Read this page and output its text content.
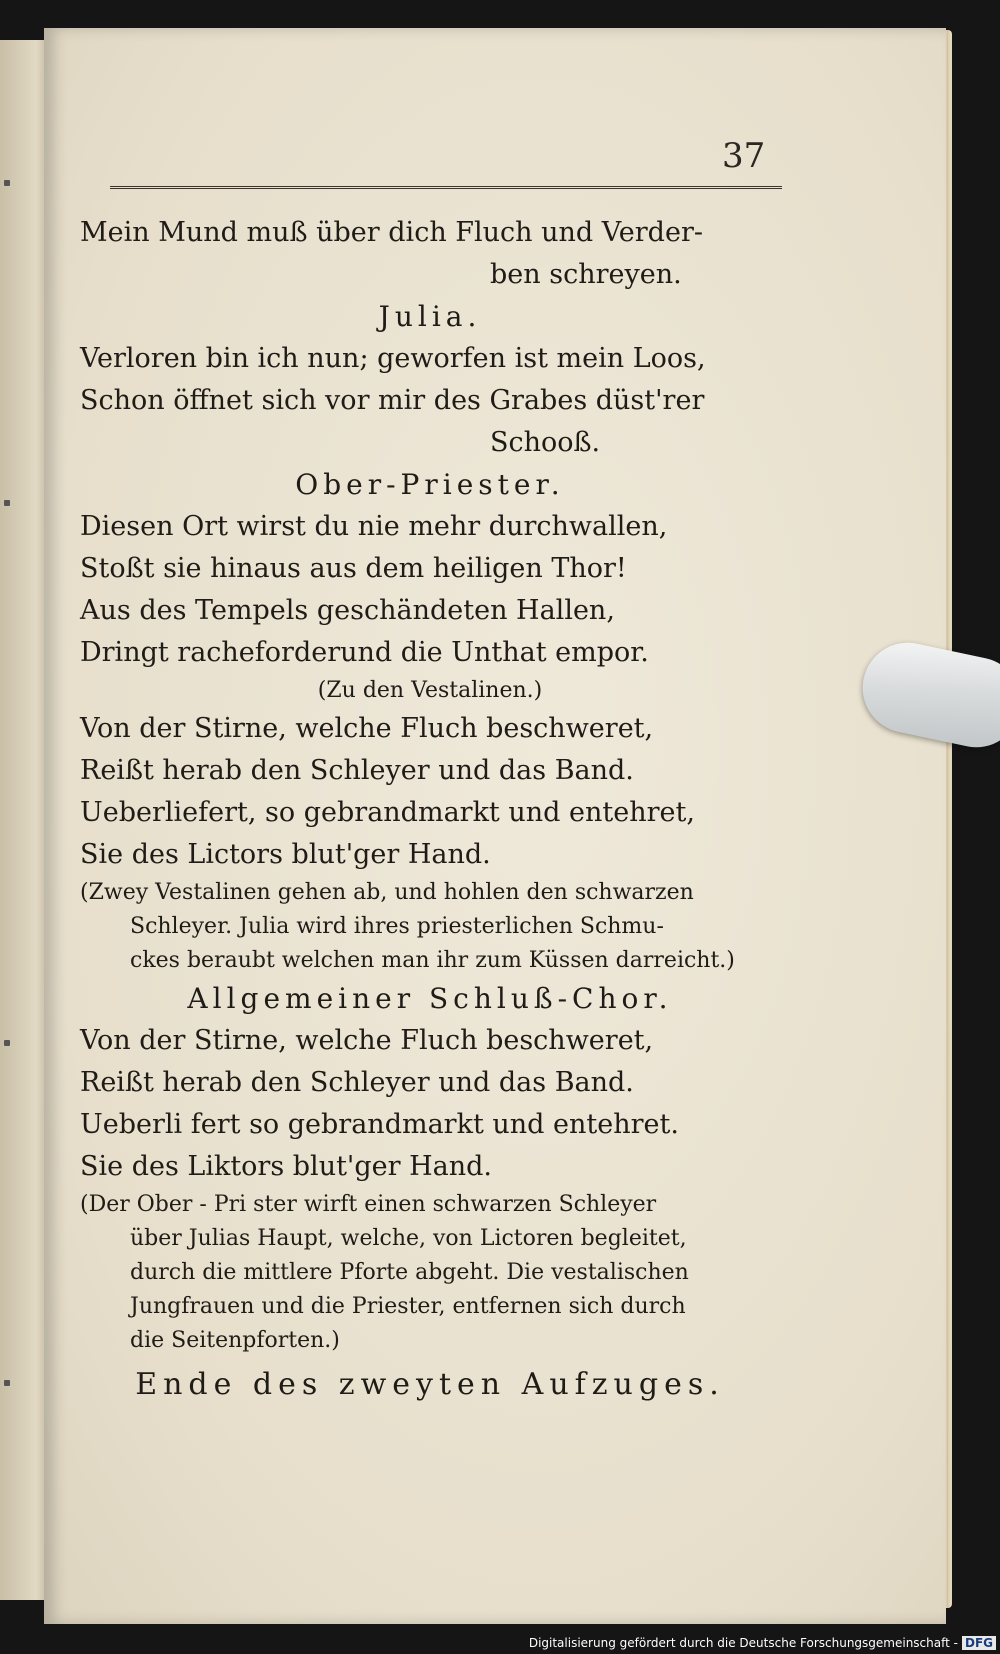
37
Mein Mund muß über dich Fluch und Verder-
ben schreyen.
Julia.
Verloren bin ich nun; geworfen ist mein Loos,
Schon öffnet sich vor mir des Grabes düst'rer
Schooß.
Ober-Priester.
Diesen Ort wirst du nie mehr durchwallen,
Stoßt sie hinaus aus dem heiligen Thor!
Aus des Tempels geschändeten Hallen,
Dringt racheforderund die Unthat empor.
(Zu den Vestalinen.)
Von der Stirne, welche Fluch beschweret,
Reißt herab den Schleyer und das Band.
Ueberliefert, so gebrandmarkt und entehret,
Sie des Lictors blut'ger Hand.
(Zwey Vestalinen gehen ab, und hohlen den schwarzen
Schleyer. Julia wird ihres priesterlichen Schmu-
ckes beraubt welchen man ihr zum Küssen darreicht.)
Allgemeiner Schluß-Chor.
Von der Stirne, welche Fluch beschweret,
Reißt herab den Schleyer und das Band.
Ueberli fert so gebrandmarkt und entehret.
Sie des Liktors blut'ger Hand.
(Der Ober - Pri ster wirft einen schwarzen Schleyer
über Julias Haupt, welche, von Lictoren begleitet,
durch die mittlere Pforte abgeht. Die vestalischen
Jungfrauen und die Priester, entfernen sich durch
die Seitenpforten.)
Ende des zweyten Aufzuges.
Digitalisierung gefördert durch die Deutsche Forschungsgemeinschaft - DFG
